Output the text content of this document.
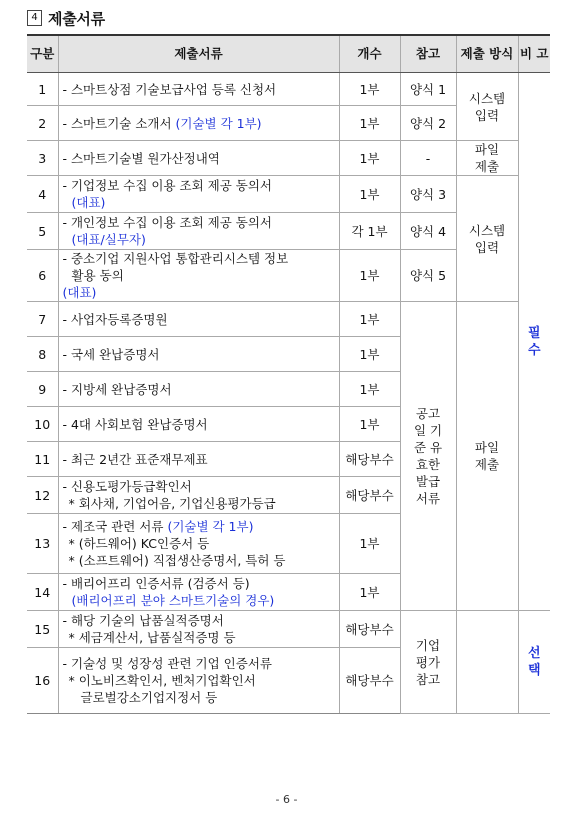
4 제출서류
구분	제출서류	개수	참고	제출 방식	비 고
1	- 스마트상점 기술보급사업 등록 신청서	1부	양식 1	시스템 입력	필 수
2	- 스마트기술 소개서 (기술별 각 1부)	1부	양식 2		
3	- 스마트기술별 원가산정내역	1부	-	파일 제출	
4	- 기업정보 수집 이용 조회 제공 동의서

(대표)	1부	양식 3	시스템 입력	
5	- 개인정보 수집 이용 조회 제공 동의서

(대표/실무자)	각 1부	양식 4		
6	- 중소기업 지원사업 통합관리시스템 정보

활용 동의
(대표)	1부	양식 5		
7	- 사업자등록증명원	1부	공고일 기준 유효한 발급 서류	파일 제출	
8	- 국세 완납증명서	1부			
9	- 지방세 완납증명서	1부			
10	- 4대 사회보험 완납증명서	1부			
11	- 최근 2년간 표준재무제표	해당부수			
12	- 신용도평가등급확인서
* 회사채, 기업어음, 기업신용평가등급	해당부수			
13	- 제조국 관련 서류 (기술별 각 1부)
* (하드웨어) KC인증서 등
* (소프트웨어) 직접생산증명서, 특허 등	1부			
14	- 배리어프리 인증서류 (검증서 등)

(배리어프리 분야 스마트기술의 경우)	1부			
15	- 해당 기술의 납품실적증명서
* 세금계산서, 납품실적증명 등	해당부수	기업 평가 참고		선 택
16	- 기술성 및 성장성 관련 기업 인증서류
* 이노비즈확인서, 벤처기업확인서
글로벌강소기업지정서 등	해당부수			
- 6 -
